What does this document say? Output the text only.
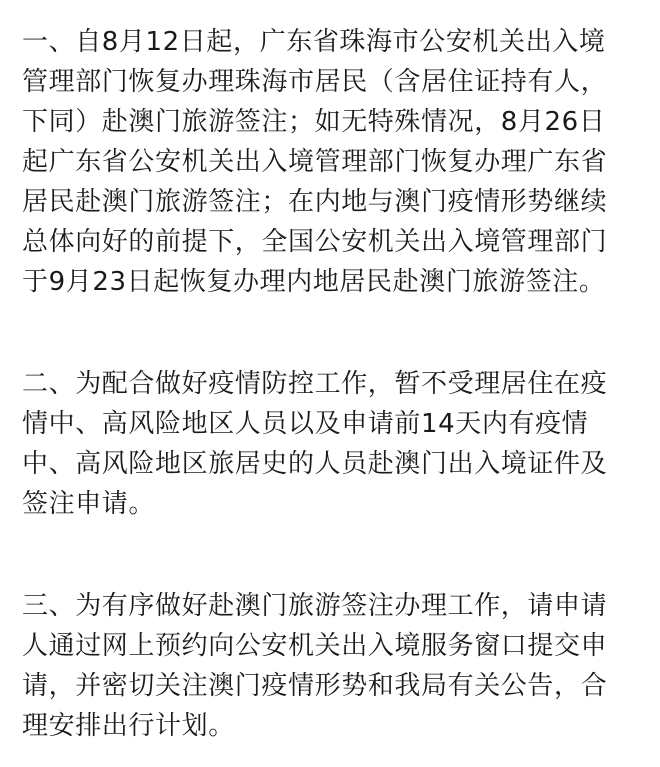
一、自8月12日起，广东省珠海市公安机关出入境
管理部门恢复办理珠海市居民（含居住证持有人，
下同）赴澳门旅游签注；如无特殊情况，8月26日
起广东省公安机关出入境管理部门恢复办理广东省
居民赴澳门旅游签注；在内地与澳门疫情形势继续
总体向好的前提下，全国公安机关出入境管理部门
于9月23日起恢复办理内地居民赴澳门旅游签注。
二、为配合做好疫情防控工作，暂不受理居住在疫
情中、高风险地区人员以及申请前14天内有疫情
中、高风险地区旅居史的人员赴澳门出入境证件及
签注申请。
三、为有序做好赴澳门旅游签注办理工作，请申请
人通过网上预约向公安机关出入境服务窗口提交申
请，并密切关注澳门疫情形势和我局有关公告，合
理安排出行计划。
